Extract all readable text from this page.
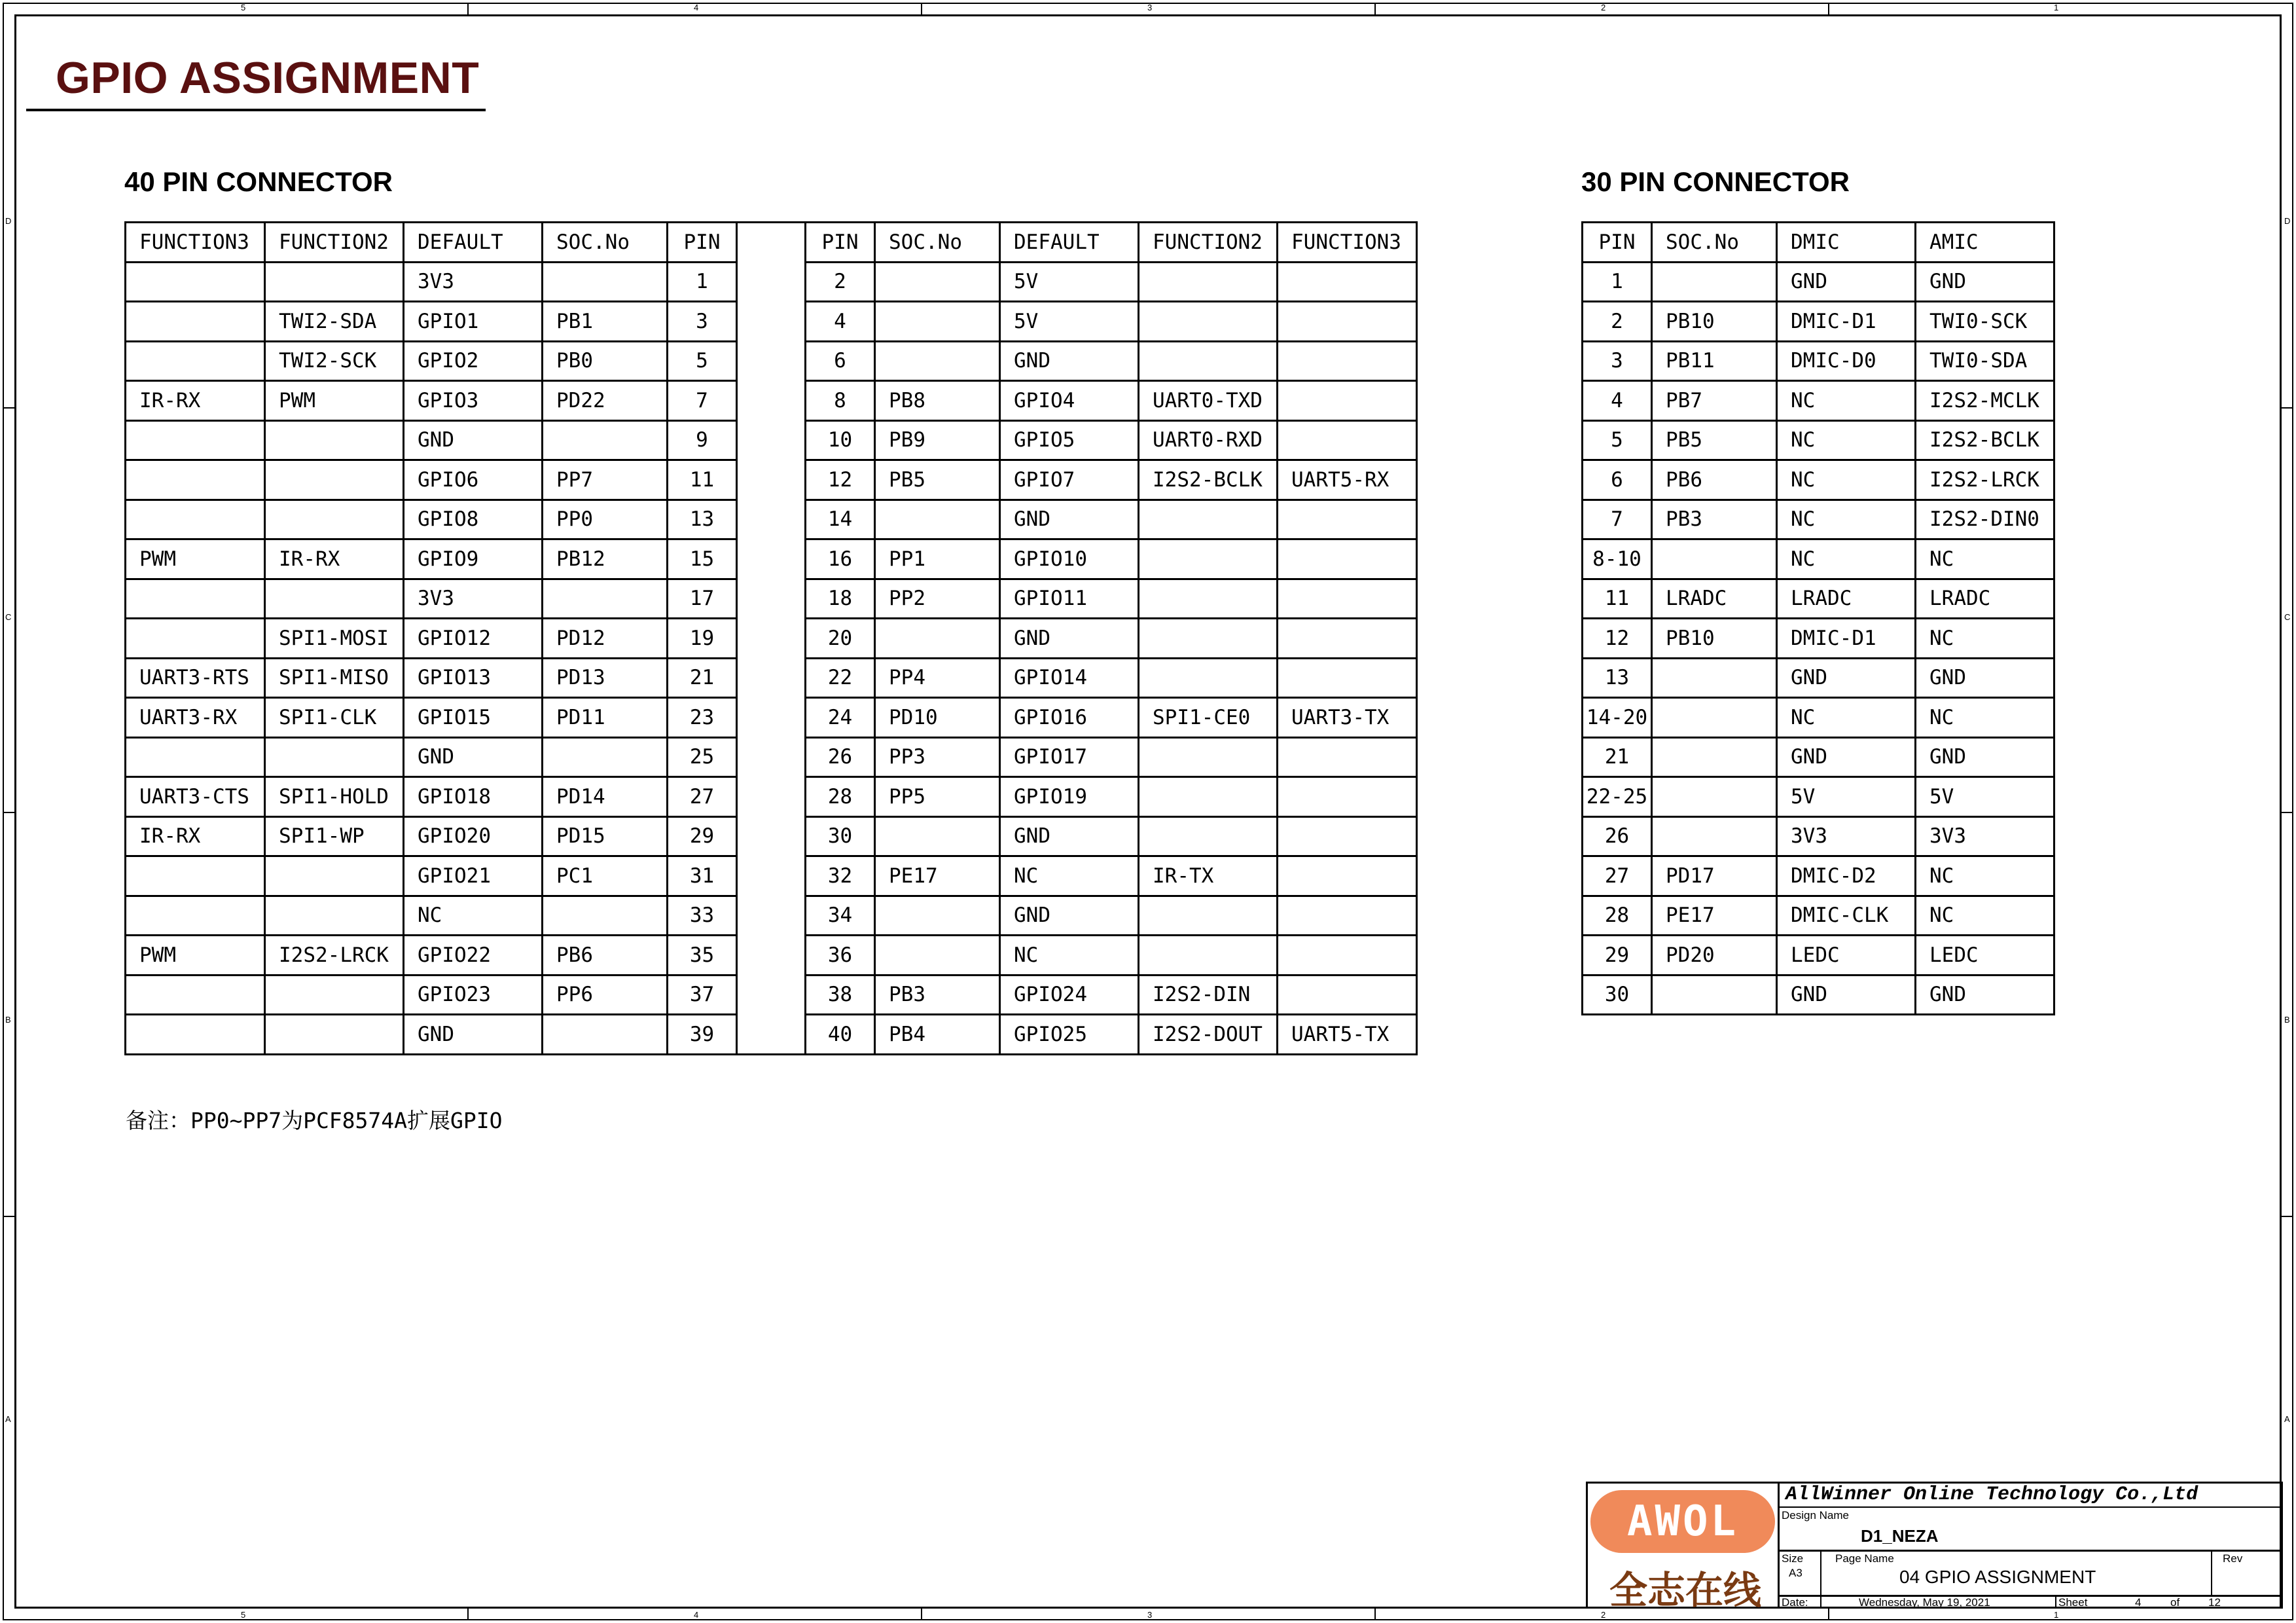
5
5
4
4
3
3
2
2
1
1
D	D
C	C
B	B
A	A
GPIO ASSIGNMENT
40 PIN CONNECTOR	30 PIN CONNECTOR
FUNCTION3	FUNCTION2	DEFAULT	SOC.No	PIN		PIN	SOC.No	DEFAULT	FUNCTION2	FUNCTION3
		3V3		1		2		5V		
	TWI2-SDA	GPIO1	PB1	3		4		5V		
	TWI2-SCK	GPIO2	PB0	5		6		GND		
IR-RX	PWM	GPIO3	PD22	7		8	PB8	GPIO4	UART0-TXD	
		GND		9		10	PB9	GPIO5	UART0-RXD	
		GPIO6	PP7	11		12	PB5	GPIO7	I2S2-BCLK	UART5-RX
		GPIO8	PP0	13		14		GND		
PWM	IR-RX	GPIO9	PB12	15		16	PP1	GPIO10		
		3V3		17		18	PP2	GPIO11		
	SPI1-MOSI	GPIO12	PD12	19		20		GND		
UART3-RTS	SPI1-MISO	GPIO13	PD13	21		22	PP4	GPIO14		
UART3-RX	SPI1-CLK	GPIO15	PD11	23		24	PD10	GPIO16	SPI1-CE0	UART3-TX
		GND		25		26	PP3	GPIO17		
UART3-CTS	SPI1-HOLD	GPIO18	PD14	27		28	PP5	GPIO19		
IR-RX	SPI1-WP	GPIO20	PD15	29		30		GND		
		GPIO21	PC1	31		32	PE17	NC	IR-TX	
		NC		33		34		GND		
PWM	I2S2-LRCK	GPIO22	PB6	35		36		NC		
		GPIO23	PP6	37		38	PB3	GPIO24	I2S2-DIN	
		GND		39		40	PB4	GPIO25	I2S2-DOUT	UART5-TX
PIN	SOC.No	DMIC	AMIC
1		GND	GND
2	PB10	DMIC-D1	TWI0-SCK
3	PB11	DMIC-D0	TWI0-SDA
4	PB7	NC	I2S2-MCLK
5	PB5	NC	I2S2-BCLK
6	PB6	NC	I2S2-LRCK
7	PB3	NC	I2S2-DIN0
8-10		NC	NC
11	LRADC	LRADC	LRADC
12	PB10	DMIC-D1	NC
13		GND	GND
14-20		NC	NC
21		GND	GND
22-25		5V	5V
26		3V3	3V3
27	PD17	DMIC-D2	NC
28	PE17	DMIC-CLK	NC
29	PD20	LEDC	LEDC
30		GND	GND
备注：PP0~PP7为PCF8574A扩展GPIO
AWOL
全志在线
AllWinner Online Technology Co.,Ltd
Design Name
D1_NEZA
Size
A3
Page Name
04 GPIO ASSIGNMENT
Rev
Date:	Wednesday, May 19, 2021	Sheet	4	of	12
